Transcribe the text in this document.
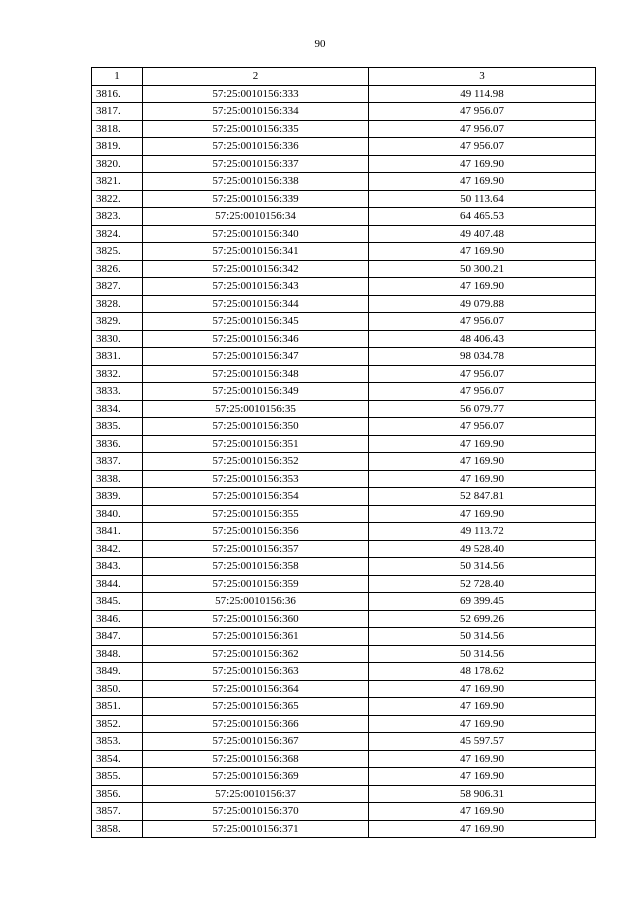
90
1	2	3
3816.	57:25:0010156:333	49 114.98
3817.	57:25:0010156:334	47 956.07
3818.	57:25:0010156:335	47 956.07
3819.	57:25:0010156:336	47 956.07
3820.	57:25:0010156:337	47 169.90
3821.	57:25:0010156:338	47 169.90
3822.	57:25:0010156:339	50 113.64
3823.	57:25:0010156:34	64 465.53
3824.	57:25:0010156:340	49 407.48
3825.	57:25:0010156:341	47 169.90
3826.	57:25:0010156:342	50 300.21
3827.	57:25:0010156:343	47 169.90
3828.	57:25:0010156:344	49 079.88
3829.	57:25:0010156:345	47 956.07
3830.	57:25:0010156:346	48 406.43
3831.	57:25:0010156:347	98 034.78
3832.	57:25:0010156:348	47 956.07
3833.	57:25:0010156:349	47 956.07
3834.	57:25:0010156:35	56 079.77
3835.	57:25:0010156:350	47 956.07
3836.	57:25:0010156:351	47 169.90
3837.	57:25:0010156:352	47 169.90
3838.	57:25:0010156:353	47 169.90
3839.	57:25:0010156:354	52 847.81
3840.	57:25:0010156:355	47 169.90
3841.	57:25:0010156:356	49 113.72
3842.	57:25:0010156:357	49 528.40
3843.	57:25:0010156:358	50 314.56
3844.	57:25:0010156:359	52 728.40
3845.	57:25:0010156:36	69 399.45
3846.	57:25:0010156:360	52 699.26
3847.	57:25:0010156:361	50 314.56
3848.	57:25:0010156:362	50 314.56
3849.	57:25:0010156:363	48 178.62
3850.	57:25:0010156:364	47 169.90
3851.	57:25:0010156:365	47 169.90
3852.	57:25:0010156:366	47 169.90
3853.	57:25:0010156:367	45 597.57
3854.	57:25:0010156:368	47 169.90
3855.	57:25:0010156:369	47 169.90
3856.	57:25:0010156:37	58 906.31
3857.	57:25:0010156:370	47 169.90
3858.	57:25:0010156:371	47 169.90
